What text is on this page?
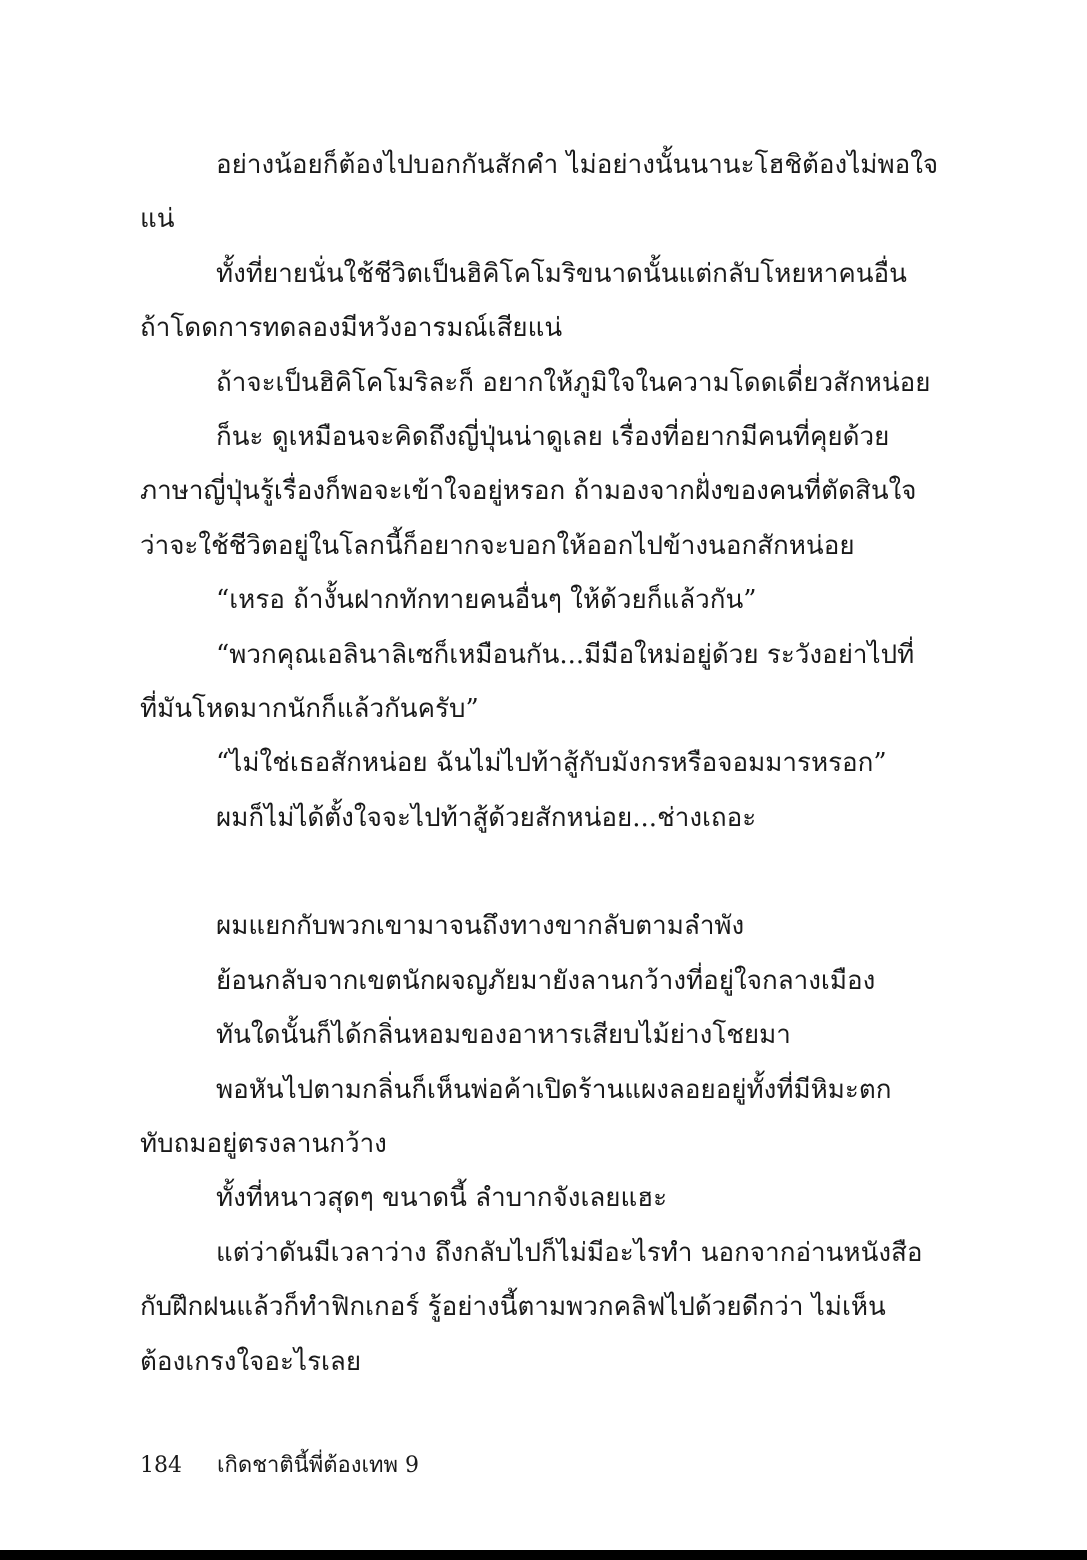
อย่างน้อยก็ต้องไปบอกกันสักคำ ไม่อย่างนั้นนานะโฮชิต้องไม่พอใจ
แน่
ทั้งที่ยายนั่นใช้ชีวิตเป็นฮิคิโคโมริขนาดนั้นแต่กลับโหยหาคนอื่น
ถ้าโดดการทดลองมีหวังอารมณ์เสียแน่
ถ้าจะเป็นฮิคิโคโมริละก็ อยากให้ภูมิใจในความโดดเดี่ยวสักหน่อย
ก็นะ ดูเหมือนจะคิดถึงญี่ปุ่นน่าดูเลย เรื่องที่อยากมีคนที่คุยด้วย
ภาษาญี่ปุ่นรู้เรื่องก็พอจะเข้าใจอยู่หรอก ถ้ามองจากฝั่งของคนที่ตัดสินใจ
ว่าจะใช้ชีวิตอยู่ในโลกนี้ก็อยากจะบอกให้ออกไปข้างนอกสักหน่อย
“เหรอ ถ้างั้นฝากทักทายคนอื่นๆ ให้ด้วยก็แล้วกัน”
“พวกคุณเอลินาลิเซก็เหมือนกัน...มีมือใหม่อยู่ด้วย ระวังอย่าไปที่
ที่มันโหดมากนักก็แล้วกันครับ”
“ไม่ใช่เธอสักหน่อย ฉันไม่ไปท้าสู้กับมังกรหรือจอมมารหรอก”
ผมก็ไม่ได้ตั้งใจจะไปท้าสู้ด้วยสักหน่อย...ช่างเถอะ
ผมแยกกับพวกเขามาจนถึงทางขากลับตามลำพัง
ย้อนกลับจากเขตนักผจญภัยมายังลานกว้างที่อยู่ใจกลางเมือง
ทันใดนั้นก็ได้กลิ่นหอมของอาหารเสียบไม้ย่างโชยมา
พอหันไปตามกลิ่นก็เห็นพ่อค้าเปิดร้านแผงลอยอยู่ทั้งที่มีหิมะตก
ทับถมอยู่ตรงลานกว้าง
ทั้งที่หนาวสุดๆ ขนาดนี้ ลำบากจังเลยแฮะ
แต่ว่าดันมีเวลาว่าง ถึงกลับไปก็ไม่มีอะไรทำ นอกจากอ่านหนังสือ
กับฝึกฝนแล้วก็ทำฟิกเกอร์ รู้อย่างนี้ตามพวกคลิฟไปด้วยดีกว่า ไม่เห็น
ต้องเกรงใจอะไรเลย
184 เกิดชาตินี้พี่ต้องเทพ 9
